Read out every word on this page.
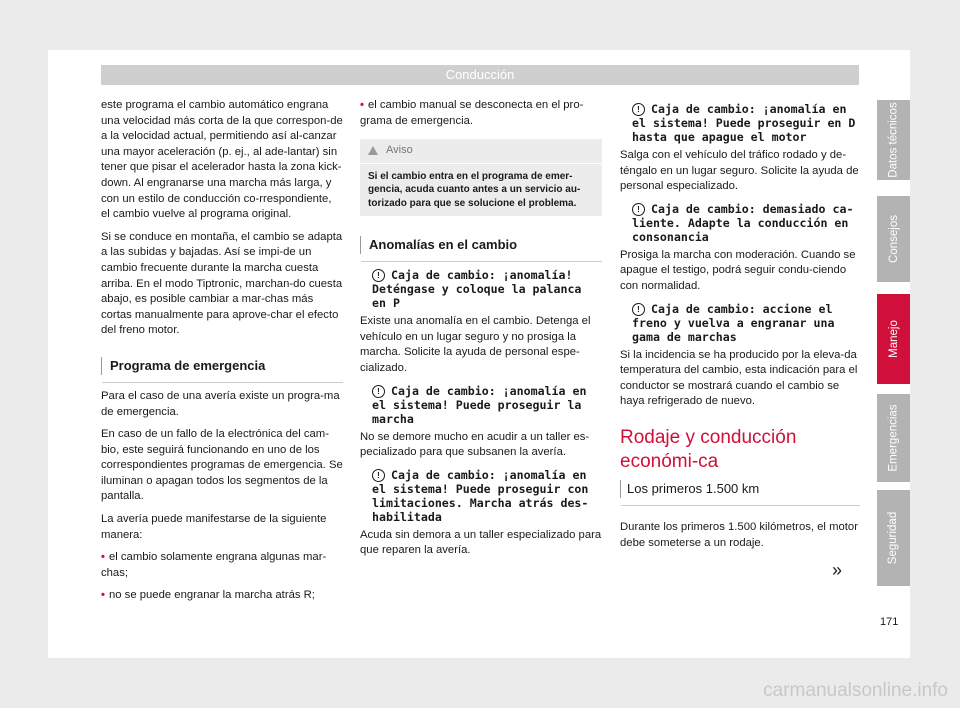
Conducción

este programa el cambio automático engrana una velocidad más corta de la que correspon-de a la velocidad actual, permitiendo así al-canzar una mayor aceleración (p. ej., al ade-lantar) sin tener que pisar el acelerador hasta la zona kick-down. Al engranarse una marcha más larga, y con un estilo de conducción co-rrespondiente, el cambio vuelve al programa original.

Si se conduce en montaña, el cambio se adapta a las subidas y bajadas. Así se impi-de un cambio frecuente durante la marcha cuesta arriba. En el modo Tiptronic, marchan-do cuesta abajo, es posible cambiar a mar-chas más cortas manualmente para aprove-char el efecto del freno motor.

Programa de emergencia

Para el caso de una avería existe un progra-ma de emergencia.

En caso de un fallo de la electrónica del cam-bio, este seguirá funcionando en uno de los correspondientes programas de emergencia. Se iluminan o apagan todos los segmentos de la pantalla.

La avería puede manifestarse de la siguiente manera:

• el cambio solamente engrana algunas mar-chas;
• no se puede engranar la marcha atrás R;
• el cambio manual se desconecta en el pro-grama de emergencia.
Aviso
Si el cambio entra en el programa de emer-gencia, acuda cuanto antes a un servicio au-torizado para que se solucione el problema.
Anomalías en el cambio
! Caja de cambio: ¡anomalía! Deténgase y coloque la palanca en P

Existe una anomalía en el cambio. Detenga el vehículo en un lugar seguro y no prosiga la marcha. Solicite la ayuda de personal espe-cializado.

! Caja de cambio: ¡anomalía en el sistema! Puede proseguir la marcha

No se demore mucho en acudir a un taller es-pecializado para que subsanen la avería.

! Caja de cambio: ¡anomalía en el sistema! Puede proseguir con limitaciones. Marcha atrás des-habilitada

Acuda sin demora a un taller especializado para que reparen la avería.

! Caja de cambio: ¡anomalía en el sistema! Puede proseguir en D hasta que apague el motor

Salga con el vehículo del tráfico rodado y de-téngalo en un lugar seguro. Solicite la ayuda de personal especializado.

! Caja de cambio: demasiado ca-liente. Adapte la conducción en consonancia

Prosiga la marcha con moderación. Cuando se apague el testigo, podrá seguir condu-ciendo con normalidad.

! Caja de cambio: accione el freno y vuelva a engranar una gama de marchas

Si la incidencia se ha producido por la eleva-da temperatura del cambio, esta indicación para el conductor se mostrará cuando el cambio se haya refrigerado de nuevo.

Rodaje y conducción económi-ca
Los primeros 1.500 km

Durante los primeros 1.500 kilómetros, el motor debe someterse a un rodaje.

»
Datos técnicos
Consejos
Manejo
Emergencias
Seguridad
171
carmanualsonline.info
